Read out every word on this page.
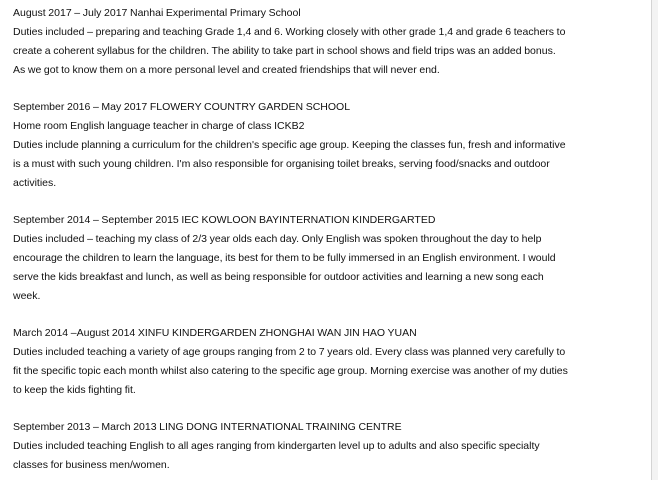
August 2017 – July 2017 Nanhai Experimental Primary School
Duties included – preparing and teaching Grade 1,4 and 6. Working closely with other grade 1,4 and grade 6 teachers to
create a coherent syllabus for the children. The ability to take part in school shows and field trips was an added bonus.
As we got to know them on a more personal level and created friendships that will never end.
September 2016 – May 2017 FLOWERY COUNTRY GARDEN SCHOOL
Home room English language teacher in charge of class ICKB2
Duties include planning a curriculum for the children's specific age group. Keeping the classes fun, fresh and informative
is a must with such young children. I'm also responsible for organising toilet breaks, serving food/snacks and outdoor
activities.
September 2014 – September 2015 IEC KOWLOON BAYINTERNATION KINDERGARTED
Duties included – teaching my class of 2/3 year olds each day. Only English was spoken throughout the day to help
encourage the children to learn the language, its best for them to be fully immersed in an English environment. I would
serve the kids breakfast and lunch, as well as being responsible for outdoor activities and learning a new song each
week.
March 2014 –August 2014 XINFU KINDERGARDEN ZHONGHAI WAN JIN HAO YUAN
Duties included teaching a variety of age groups ranging from 2 to 7 years old. Every class was planned very carefully to
fit the specific topic each month whilst also catering to the specific age group. Morning exercise was another of my duties
to keep the kids fighting fit.
September 2013 – March 2013 LING DONG INTERNATIONAL TRAINING CENTRE
Duties included teaching English to all ages ranging from kindergarten level up to adults and also specific specialty
classes for business men/women.
